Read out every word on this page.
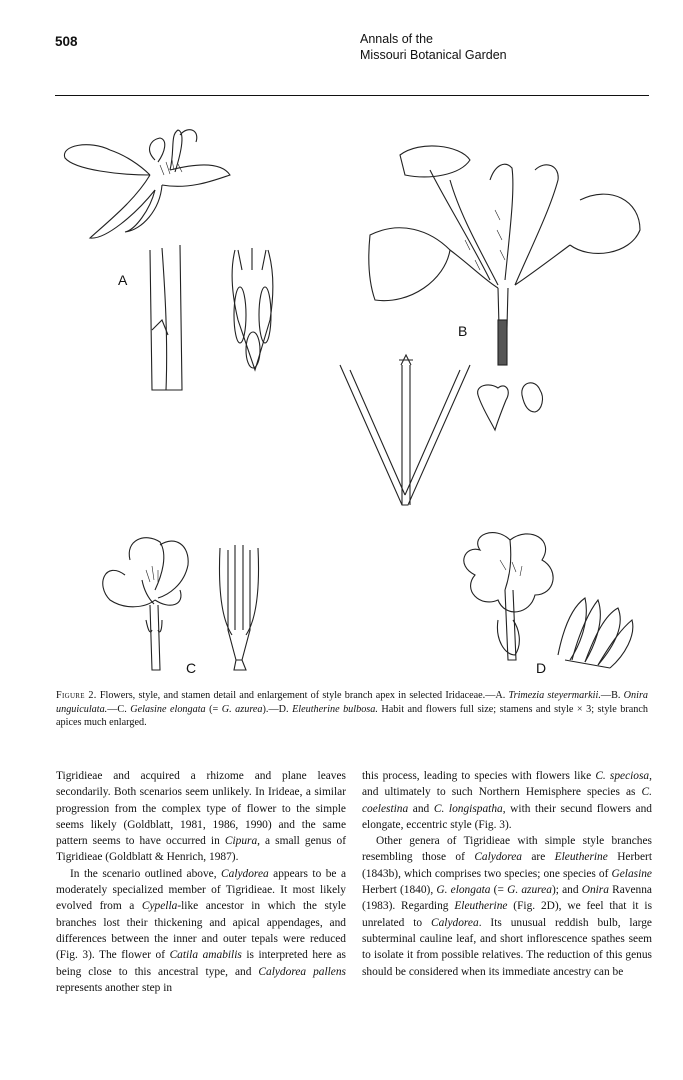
508	Annals of the
Missouri Botanical Garden
A
B
C	D
Figure 2. Flowers, style, and stamen detail and enlargement of style branch apex in selected Iridaceae.—A. Trimezia steyermarkii.—B. Onira unguiculata.—C. Gelasine elongata (= G. azurea).—D. Eleutherine bulbosa. Habit and flowers full size; stamens and style × 3; style branch apices much enlarged.

Tigridieae and acquired a rhizome and plane leaves secondarily. Both scenarios seem unlikely. In Irideae, a similar progression from the complex type of flower to the simple seems likely (Goldblatt, 1981, 1986, 1990) and the same pattern seems to have occurred in Cipura, a small genus of Tigridieae (Goldblatt & Henrich, 1987).

In the scenario outlined above, Calydorea appears to be a moderately specialized member of Tigridieae. It most likely evolved from a Cypella-like ancestor in which the style branches lost their thickening and apical appendages, and differences between the inner and outer tepals were reduced (Fig. 3). The flower of Catila amabilis is interpreted here as being close to this ancestral type, and Calydorea pallens represents another step in

this process, leading to species with flowers like C. speciosa, and ultimately to such Northern Hemisphere species as C. coelestina and C. longispatha, with their secund flowers and elongate, eccentric style (Fig. 3).

Other genera of Tigridieae with simple style branches resembling those of Calydorea are Eleutherine Herbert (1843b), which comprises two species; one species of Gelasine Herbert (1840), G. elongata (= G. azurea); and Onira Ravenna (1983). Regarding Eleutherine (Fig. 2D), we feel that it is unrelated to Calydorea. Its unusual reddish bulb, large subterminal cauline leaf, and short inflorescence spathes seem to isolate it from possible relatives. The reduction of this genus should be considered when its immediate ancestry can be
